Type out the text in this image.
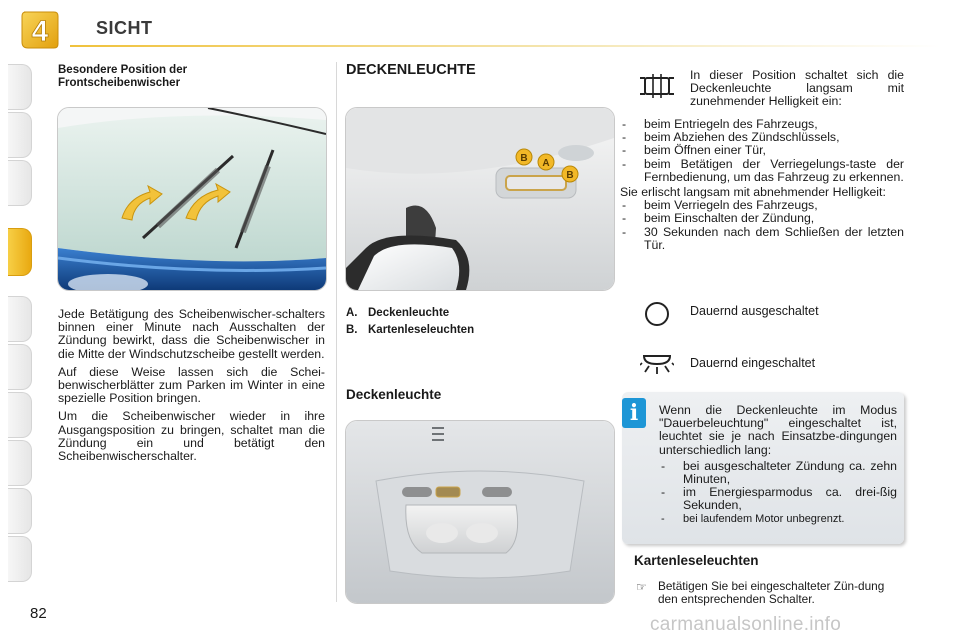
4	SICHT
Besondere Position der Frontscheibenwischer

Jede Betätigung des Scheibenwischer-schalters binnen einer Minute nach Ausschalten der Zündung bewirkt, dass die Scheibenwischer in die Mitte der Windschutzscheibe gestellt werden.

Auf diese Weise lassen sich die Schei-benwischerblätter zum Parken im Winter in eine spezielle Position bringen.

Um die Scheibenwischer wieder in ihre Ausgangsposition zu bringen, schaltet man die Zündung ein und betätigt den Scheibenwischerschalter.

DECKENLEUCHTE
B A
B
A. Deckenleuchte
B. Kartenleseleuchten
Deckenleuchte
In dieser Position schaltet sich die Deckenleuchte langsam mit zunehmender Helligkeit ein:
- beim Entriegeln des Fahrzeugs,
- beim Abziehen des Zündschlüssels,
- beim Öffnen einer Tür,
- beim Betätigen der Verriegelungs-taste der Fernbedienung, um das Fahrzeug zu erkennen.
Sie erlischt langsam mit abnehmender Helligkeit:
- beim Verriegeln des Fahrzeugs,
- beim Einschalten der Zündung,
- 30 Sekunden nach dem Schließen der letzten Tür.
Dauernd ausgeschaltet
Dauernd eingeschaltet
i	Wenn die Deckenleuchte im Modus "Dauerbeleuchtung" eingeschaltet ist, leuchtet sie je nach Einsatzbe-dingungen unterschiedlich lang:
- bei ausgeschalteter Zündung ca. zehn Minuten,
- im Energiesparmodus ca. drei-ßig Sekunden,
- bei laufendem Motor unbegrenzt.
Kartenleseleuchten
☞ Betätigen Sie bei eingeschalteter Zün-dung den entsprechenden Schalter.
82
carmanualsonline.info
